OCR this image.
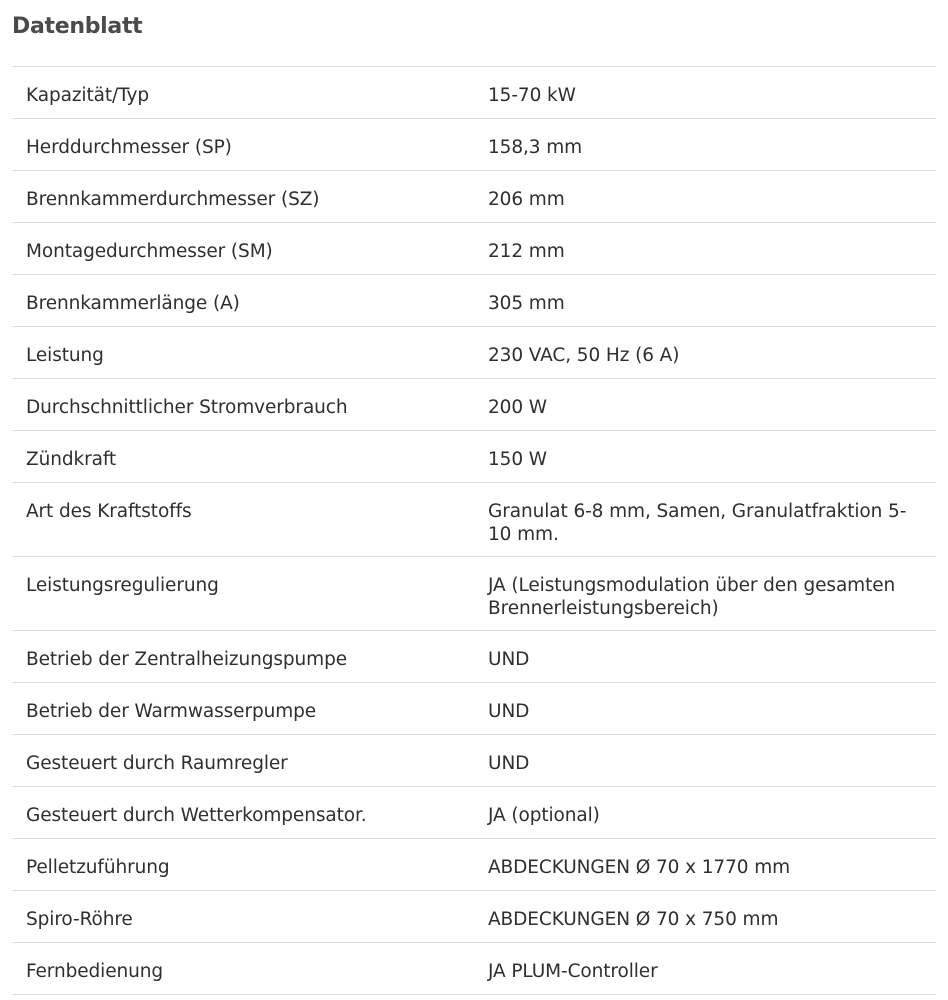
Datenblatt
Kapazität/Typ	15-70 kW
Herddurchmesser (SP)	158,3 mm
Brennkammerdurchmesser (SZ)	206 mm
Montagedurchmesser (SM)	212 mm
Brennkammerlänge (A)	305 mm
Leistung	230 VAC, 50 Hz (6 A)
Durchschnittlicher Stromverbrauch	200 W
Zündkraft	150 W
Art des Kraftstoffs	Granulat 6-8 mm, Samen, Granulatfraktion 5-10 mm.
Leistungsregulierung	JA (Leistungsmodulation über den gesamten Brennerleistungsbereich)
Betrieb der Zentralheizungspumpe	UND
Betrieb der Warmwasserpumpe	UND
Gesteuert durch Raumregler	UND
Gesteuert durch Wetterkompensator.	JA (optional)
Pelletzuführung	ABDECKUNGEN Ø 70 x 1770 mm
Spiro-Röhre	ABDECKUNGEN Ø 70 x 750 mm
Fernbedienung	JA PLUM-Controller
